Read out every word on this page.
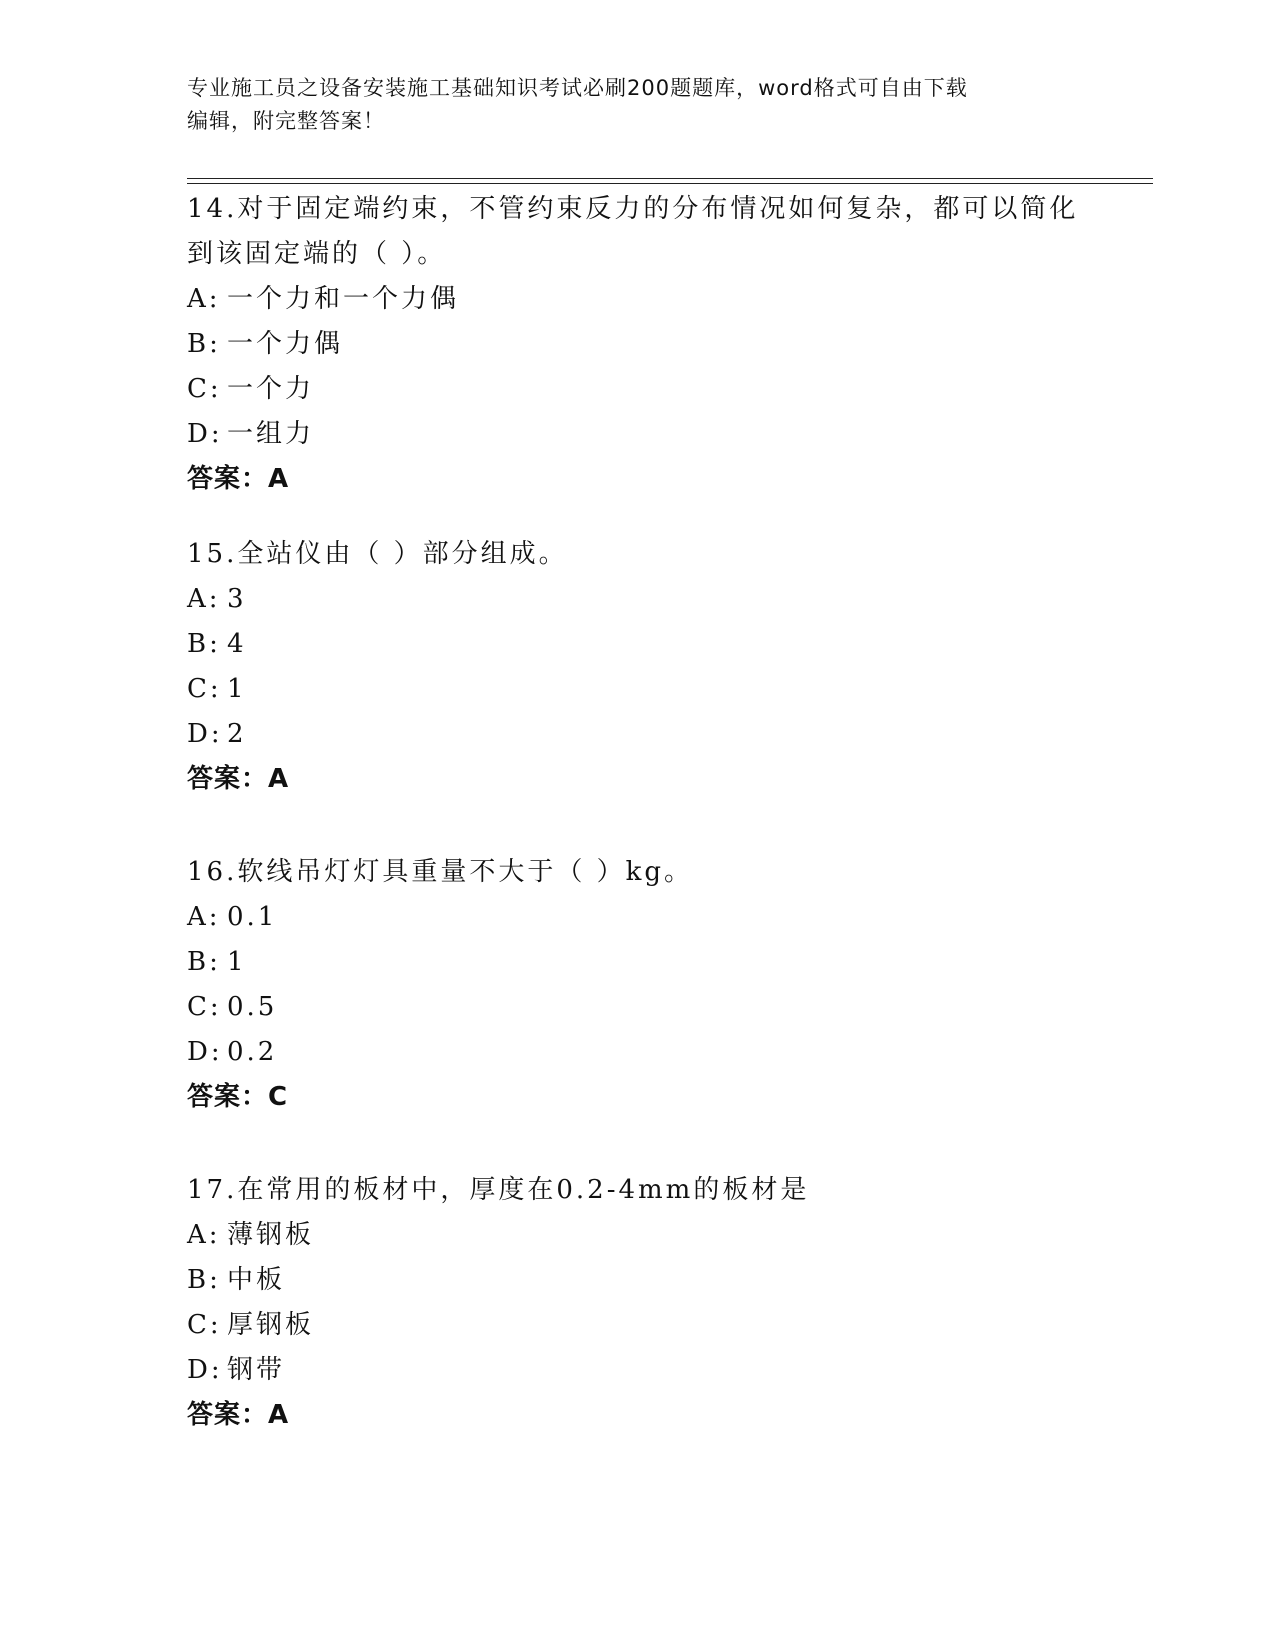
专业施工员之设备安装施工基础知识考试必刷200题题库，word格式可自由下载
编辑，附完整答案！

14.对于固定端约束，不管约束反力的分布情况如何复杂，都可以简化

到该固定端的（ ）。

A: 一个力和一个力偶

B: 一个力偶

C: 一个力

D: 一组力

答案：A

15.全站仪由（ ）部分组成。

A: 3

B: 4

C: 1

D: 2

答案：A

16.软线吊灯灯具重量不大于（ ）kg。

A: 0.1

B: 1

C: 0.5

D: 0.2

答案：C

17.在常用的板材中，厚度在0.2-4mm的板材是

A: 薄钢板

B: 中板

C: 厚钢板

D: 钢带

答案：A
